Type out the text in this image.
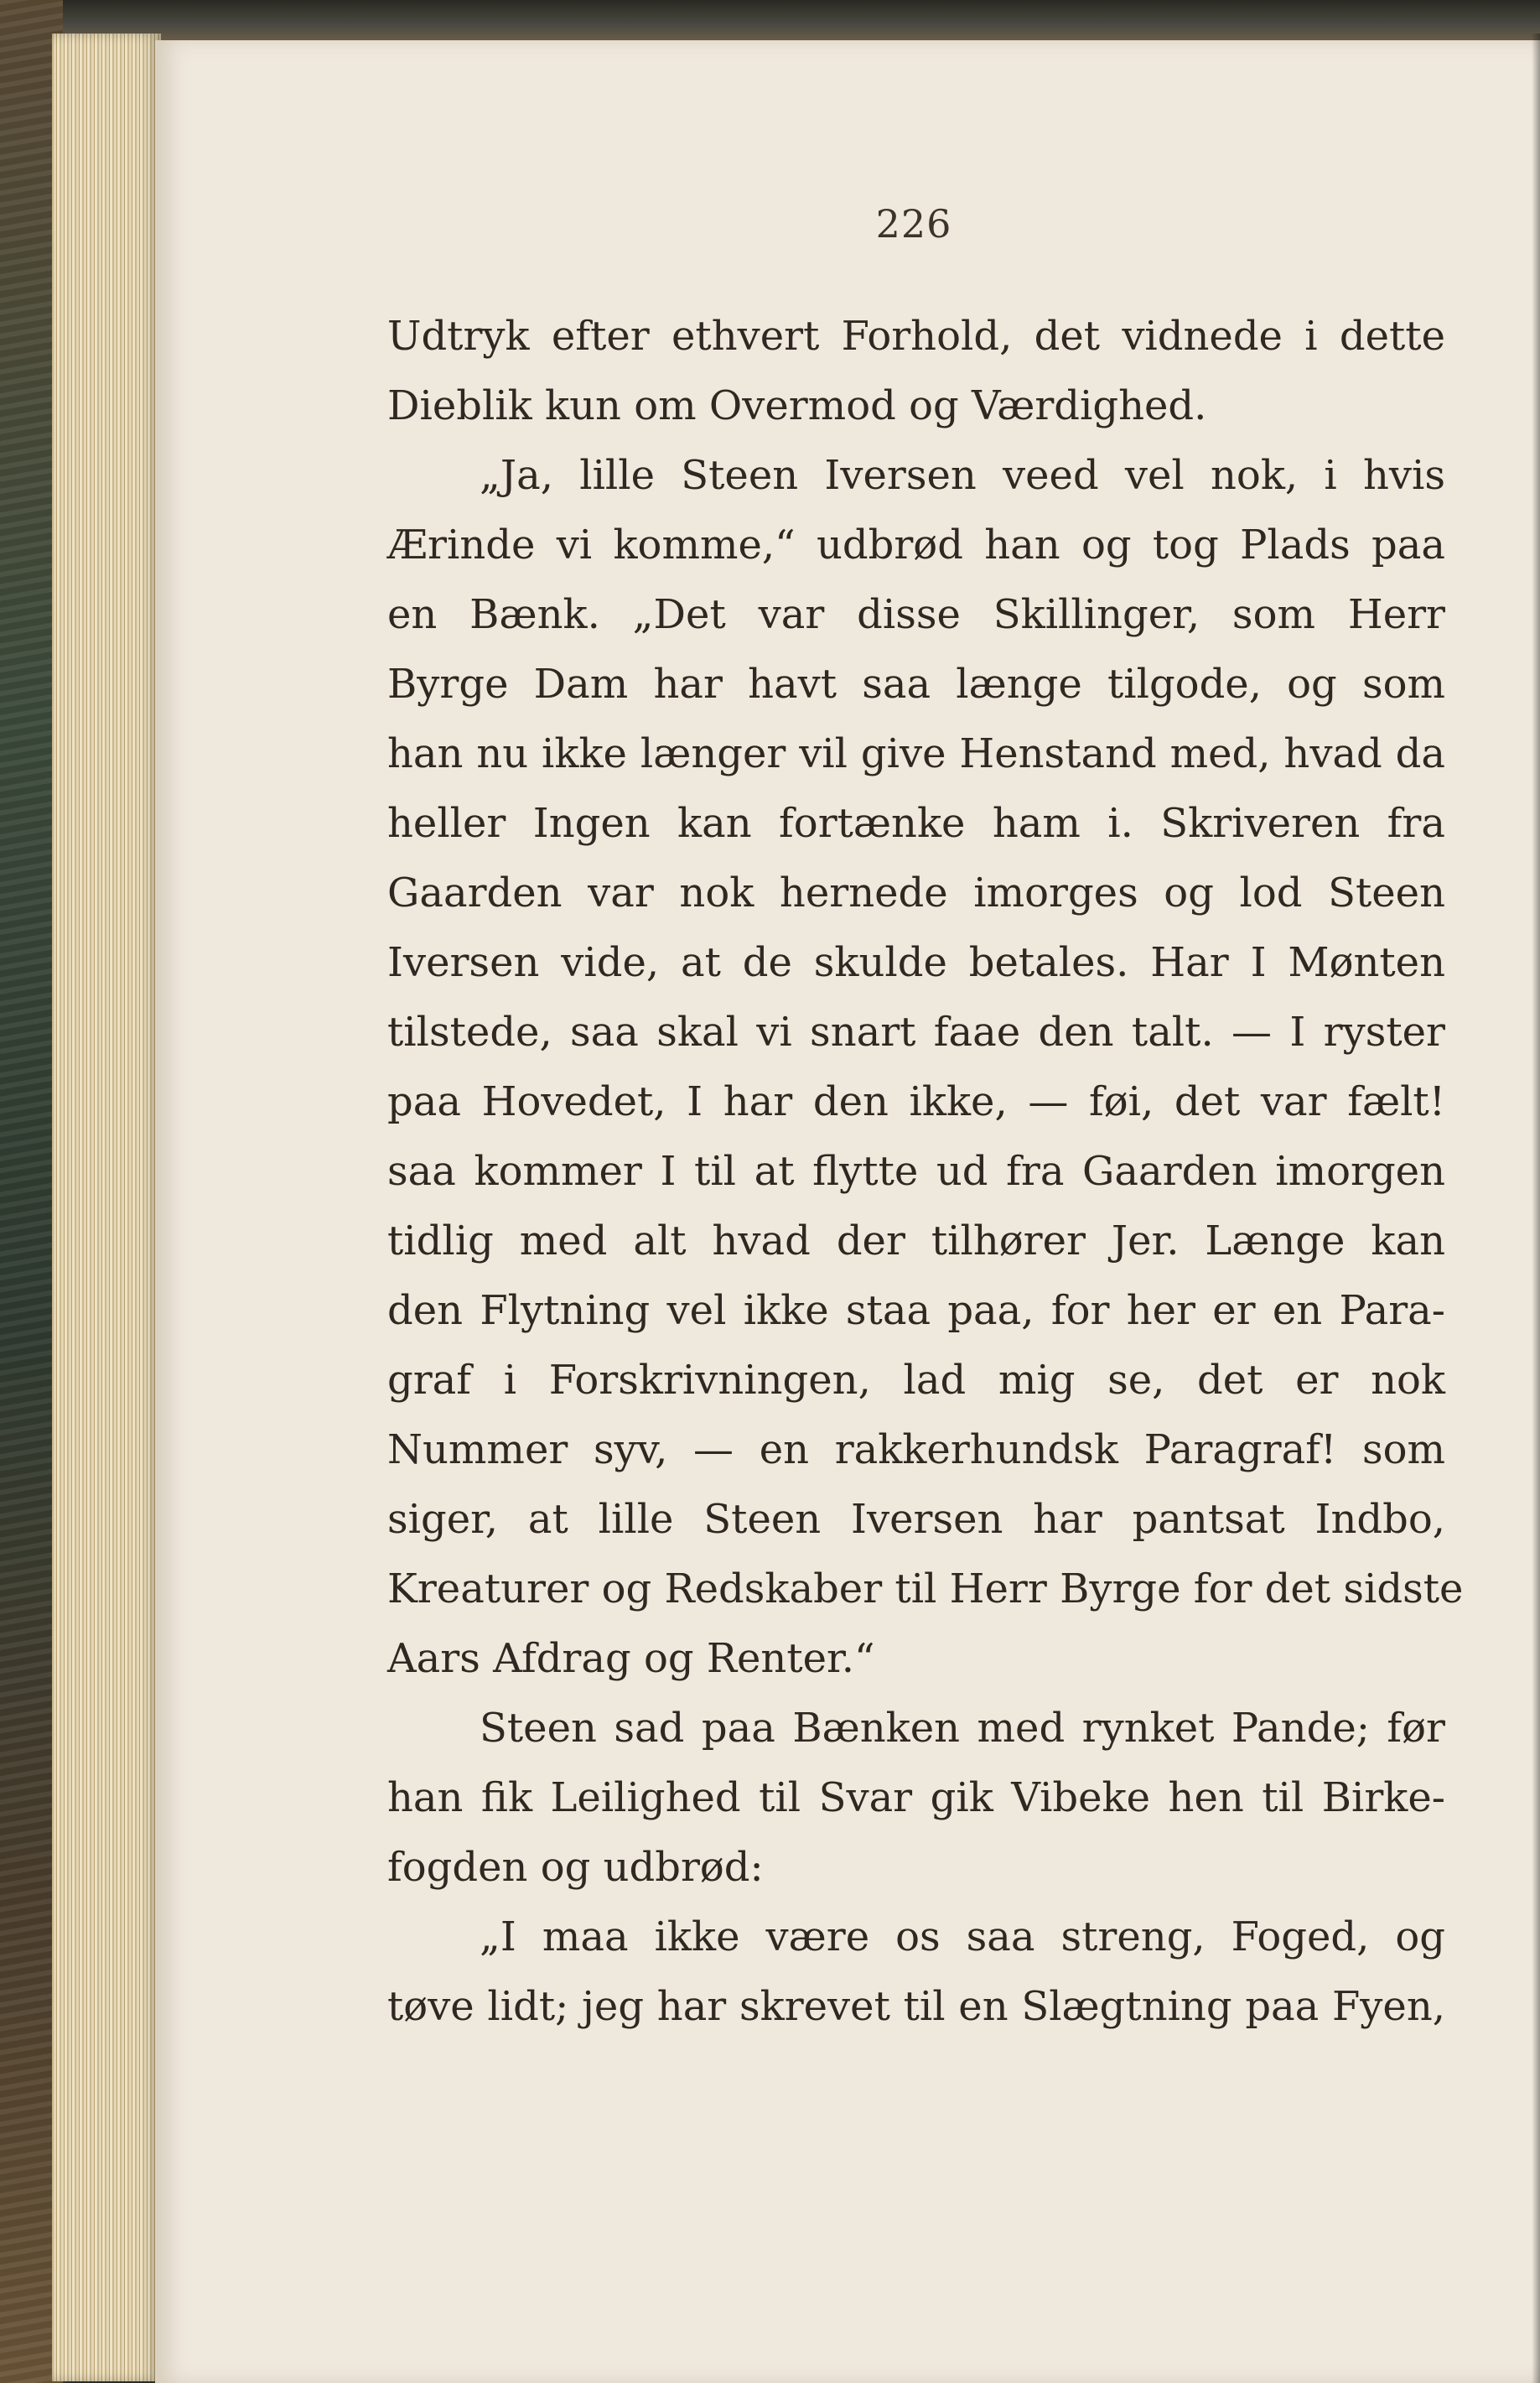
226
Udtryk efter ethvert Forhold, det vidnede i dette
Dieblik kun om Overmod og Værdighed.
„Ja, lille Steen Iversen veed vel nok, i hvis
Ærinde vi komme,“ udbrød han og tog Plads paa
en Bænk. „Det var disse Skillinger, som Herr
Byrge Dam har havt saa længe tilgode, og som
han nu ikke længer vil give Henstand med, hvad da
heller Ingen kan fortænke ham i. Skriveren fra
Gaarden var nok hernede imorges og lod Steen
Iversen vide, at de skulde betales. Har I Mønten
tilstede, saa skal vi snart faae den talt. — I ryster
paa Hovedet, I har den ikke, — føi, det var fælt!
saa kommer I til at flytte ud fra Gaarden imorgen
tidlig med alt hvad der tilhører Jer. Længe kan
den Flytning vel ikke staa paa, for her er en Para-
graf i Forskrivningen, lad mig se, det er nok
Nummer syv, — en rakkerhundsk Paragraf! som
siger, at lille Steen Iversen har pantsat Indbo,
Kreaturer og Redskaber til Herr Byrge for det sidste
Aars Afdrag og Renter.“
Steen sad paa Bænken med rynket Pande; før
han fik Leilighed til Svar gik Vibeke hen til Birke-
fogden og udbrød:
„I maa ikke være os saa streng, Foged, og
tøve lidt; jeg har skrevet til en Slægtning paa Fyen,
